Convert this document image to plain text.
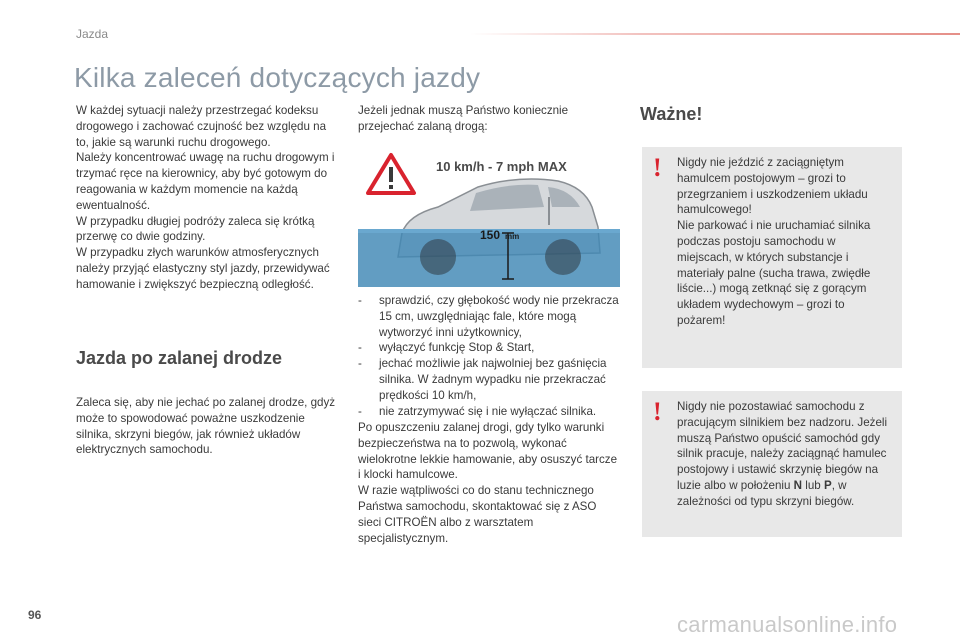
Jazda
Kilka zaleceń dotyczących jazdy

W każdej sytuacji należy przestrzegać kodeksu drogowego i zachować czujność bez względu na to, jakie są warunki ruchu drogowego.

Należy koncentrować uwagę na ruchu drogowym i trzymać ręce na kierownicy, aby być gotowym do reagowania w każdym momencie na każdą ewentualność.

W przypadku długiej podróży zaleca się krótką przerwę co dwie godziny.

W przypadku złych warunków atmosferycznych należy przyjąć elastyczny styl jazdy, przewidywać hamowanie i zwiększyć bezpieczną odległość.

Jazda po zalanej drodze

Zaleca się, aby nie jechać po zalanej drodze, gdyż może to spowodować poważne uszkodzenie silnika, skrzyni biegów, jak również układów elektrycznych samochodu.

Jeżeli jednak muszą Państwo koniecznie przejechać zalaną drogą:

10 km/h - 7 mph MAX
150 mm
- sprawdzić, czy głębokość wody nie przekracza 15 cm, uwzględniając fale, które mogą wytworzyć inni użytkownicy,
- wyłączyć funkcję Stop & Start,
- jechać możliwie jak najwolniej bez gaśnięcia silnika. W żadnym wypadku nie przekraczać prędkości 10 km/h,
- nie zatrzymywać się i nie wyłączać silnika.

Po opuszczeniu zalanej drogi, gdy tylko warunki bezpieczeństwa na to pozwolą, wykonać wielokrotne lekkie hamowanie, aby osuszyć tarcze i klocki hamulcowe.

W razie wątpliwości co do stanu technicznego Państwa samochodu, skontaktować się z ASO sieci CITROËN albo z warsztatem specjalistycznym.

Ważne!
! Nigdy nie jeździć z zaciągniętym hamulcem postojowym – grozi to przegrzaniem i uszkodzeniem układu hamulcowego!

Nie parkować i nie uruchamiać silnika podczas postoju samochodu w miejscach, w których substancje i materiały palne (sucha trawa, zwiędłe liście...) mogą zetknąć się z gorącym układem wydechowym – grozi to pożarem!

! Nigdy nie pozostawiać samochodu z pracującym silnikiem bez nadzoru. Jeżeli muszą Państwo opuścić samochód gdy silnik pracuje, należy zaciągnąć hamulec postojowy i ustawić skrzynię biegów na luzie albo w położeniu N lub P, w zależności od typu skrzyni biegów.

96	carmanualsonline.info
